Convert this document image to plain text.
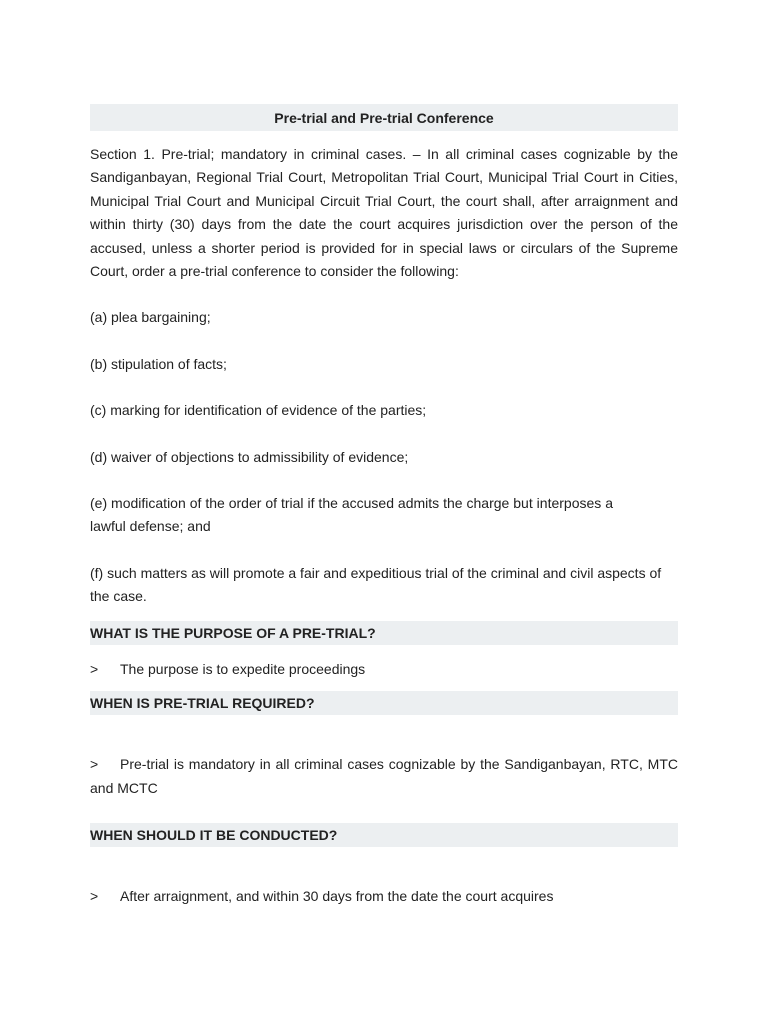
Pre-trial and Pre-trial Conference

Section 1. Pre-trial; mandatory in criminal cases. – In all criminal cases cognizable by the Sandiganbayan, Regional Trial Court, Metropolitan Trial Court, Municipal Trial Court in Cities, Municipal Trial Court and Municipal Circuit Trial Court, the court shall, after arraignment and within thirty (30) days from the date the court acquires jurisdiction over the person of the accused, unless a shorter period is provided for in special laws or circulars of the Supreme Court, order a pre-trial conference to consider the following:

(a) plea bargaining;

(b) stipulation of facts;

(c) marking for identification of evidence of the parties;

(d) waiver of objections to admissibility of evidence;

(e) modification of the order of trial if the accused admits the charge but interposes a lawful defense; and

(f) such matters as will promote a fair and expeditious trial of the criminal and civil aspects of the case.

WHAT IS THE PURPOSE OF A PRE-TRIAL?
>	The purpose is to expedite proceedings
WHEN IS PRE-TRIAL REQUIRED?
> Pre-trial is mandatory in all criminal cases cognizable by the Sandiganbayan, RTC, MTC and MCTC
WHEN SHOULD IT BE CONDUCTED?
> After arraignment, and within 30 days from the date the court acquires
